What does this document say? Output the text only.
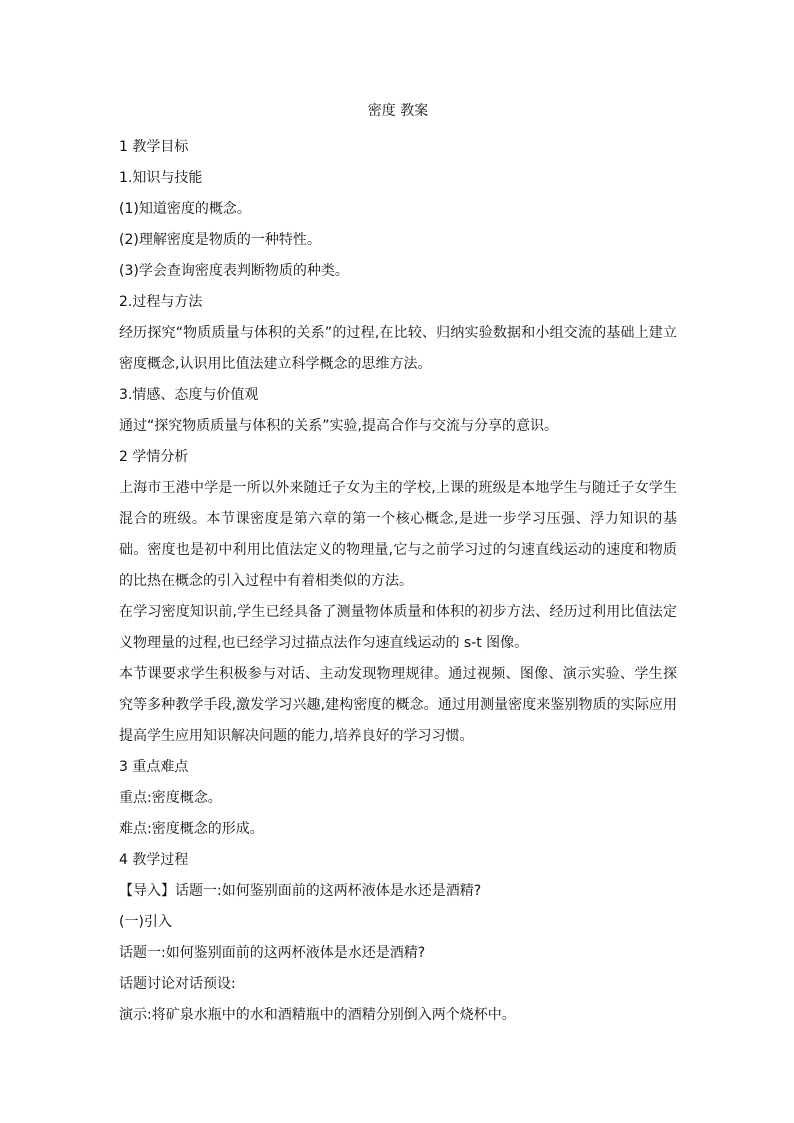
密度 教案
1 教学目标
1.知识与技能
(1)知道密度的概念。
(2)理解密度是物质的一种特性。
(3)学会查询密度表判断物质的种类。
2.过程与方法

经历探究“物质质量与体积的关系”的过程,在比较、归纳实验数据和小组交流的基础上建立密度概念,认识用比值法建立科学概念的思维方法。

3.情感、态度与价值观
通过“探究物质质量与体积的关系”实验,提高合作与交流与分享的意识。
2 学情分析

上海市王港中学是一所以外来随迁子女为主的学校,上课的班级是本地学生与随迁子女学生混合的班级。本节课密度是第六章的第一个核心概念,是进一步学习压强、浮力知识的基础。密度也是初中利用比值法定义的物理量,它与之前学习过的匀速直线运动的速度和物质的比热在概念的引入过程中有着相类似的方法。

在学习密度知识前,学生已经具备了测量物体质量和体积的初步方法、经历过利用比值法定义物理量的过程,也已经学习过描点法作匀速直线运动的 s-t 图像。

本节课要求学生积极参与对话、主动发现物理规律。通过视频、图像、演示实验、学生探究等多种教学手段,激发学习兴趣,建构密度的概念。通过用测量密度来鉴别物质的实际应用提高学生应用知识解决问题的能力,培养良好的学习习惯。

3 重点难点
重点:密度概念。
难点:密度概念的形成。
4 教学过程
【导入】话题一:如何鉴别面前的这两杯液体是水还是酒精?
(一)引入
话题一:如何鉴别面前的这两杯液体是水还是酒精?
话题讨论对话预设:
演示:将矿泉水瓶中的水和酒精瓶中的酒精分别倒入两个烧杯中。
